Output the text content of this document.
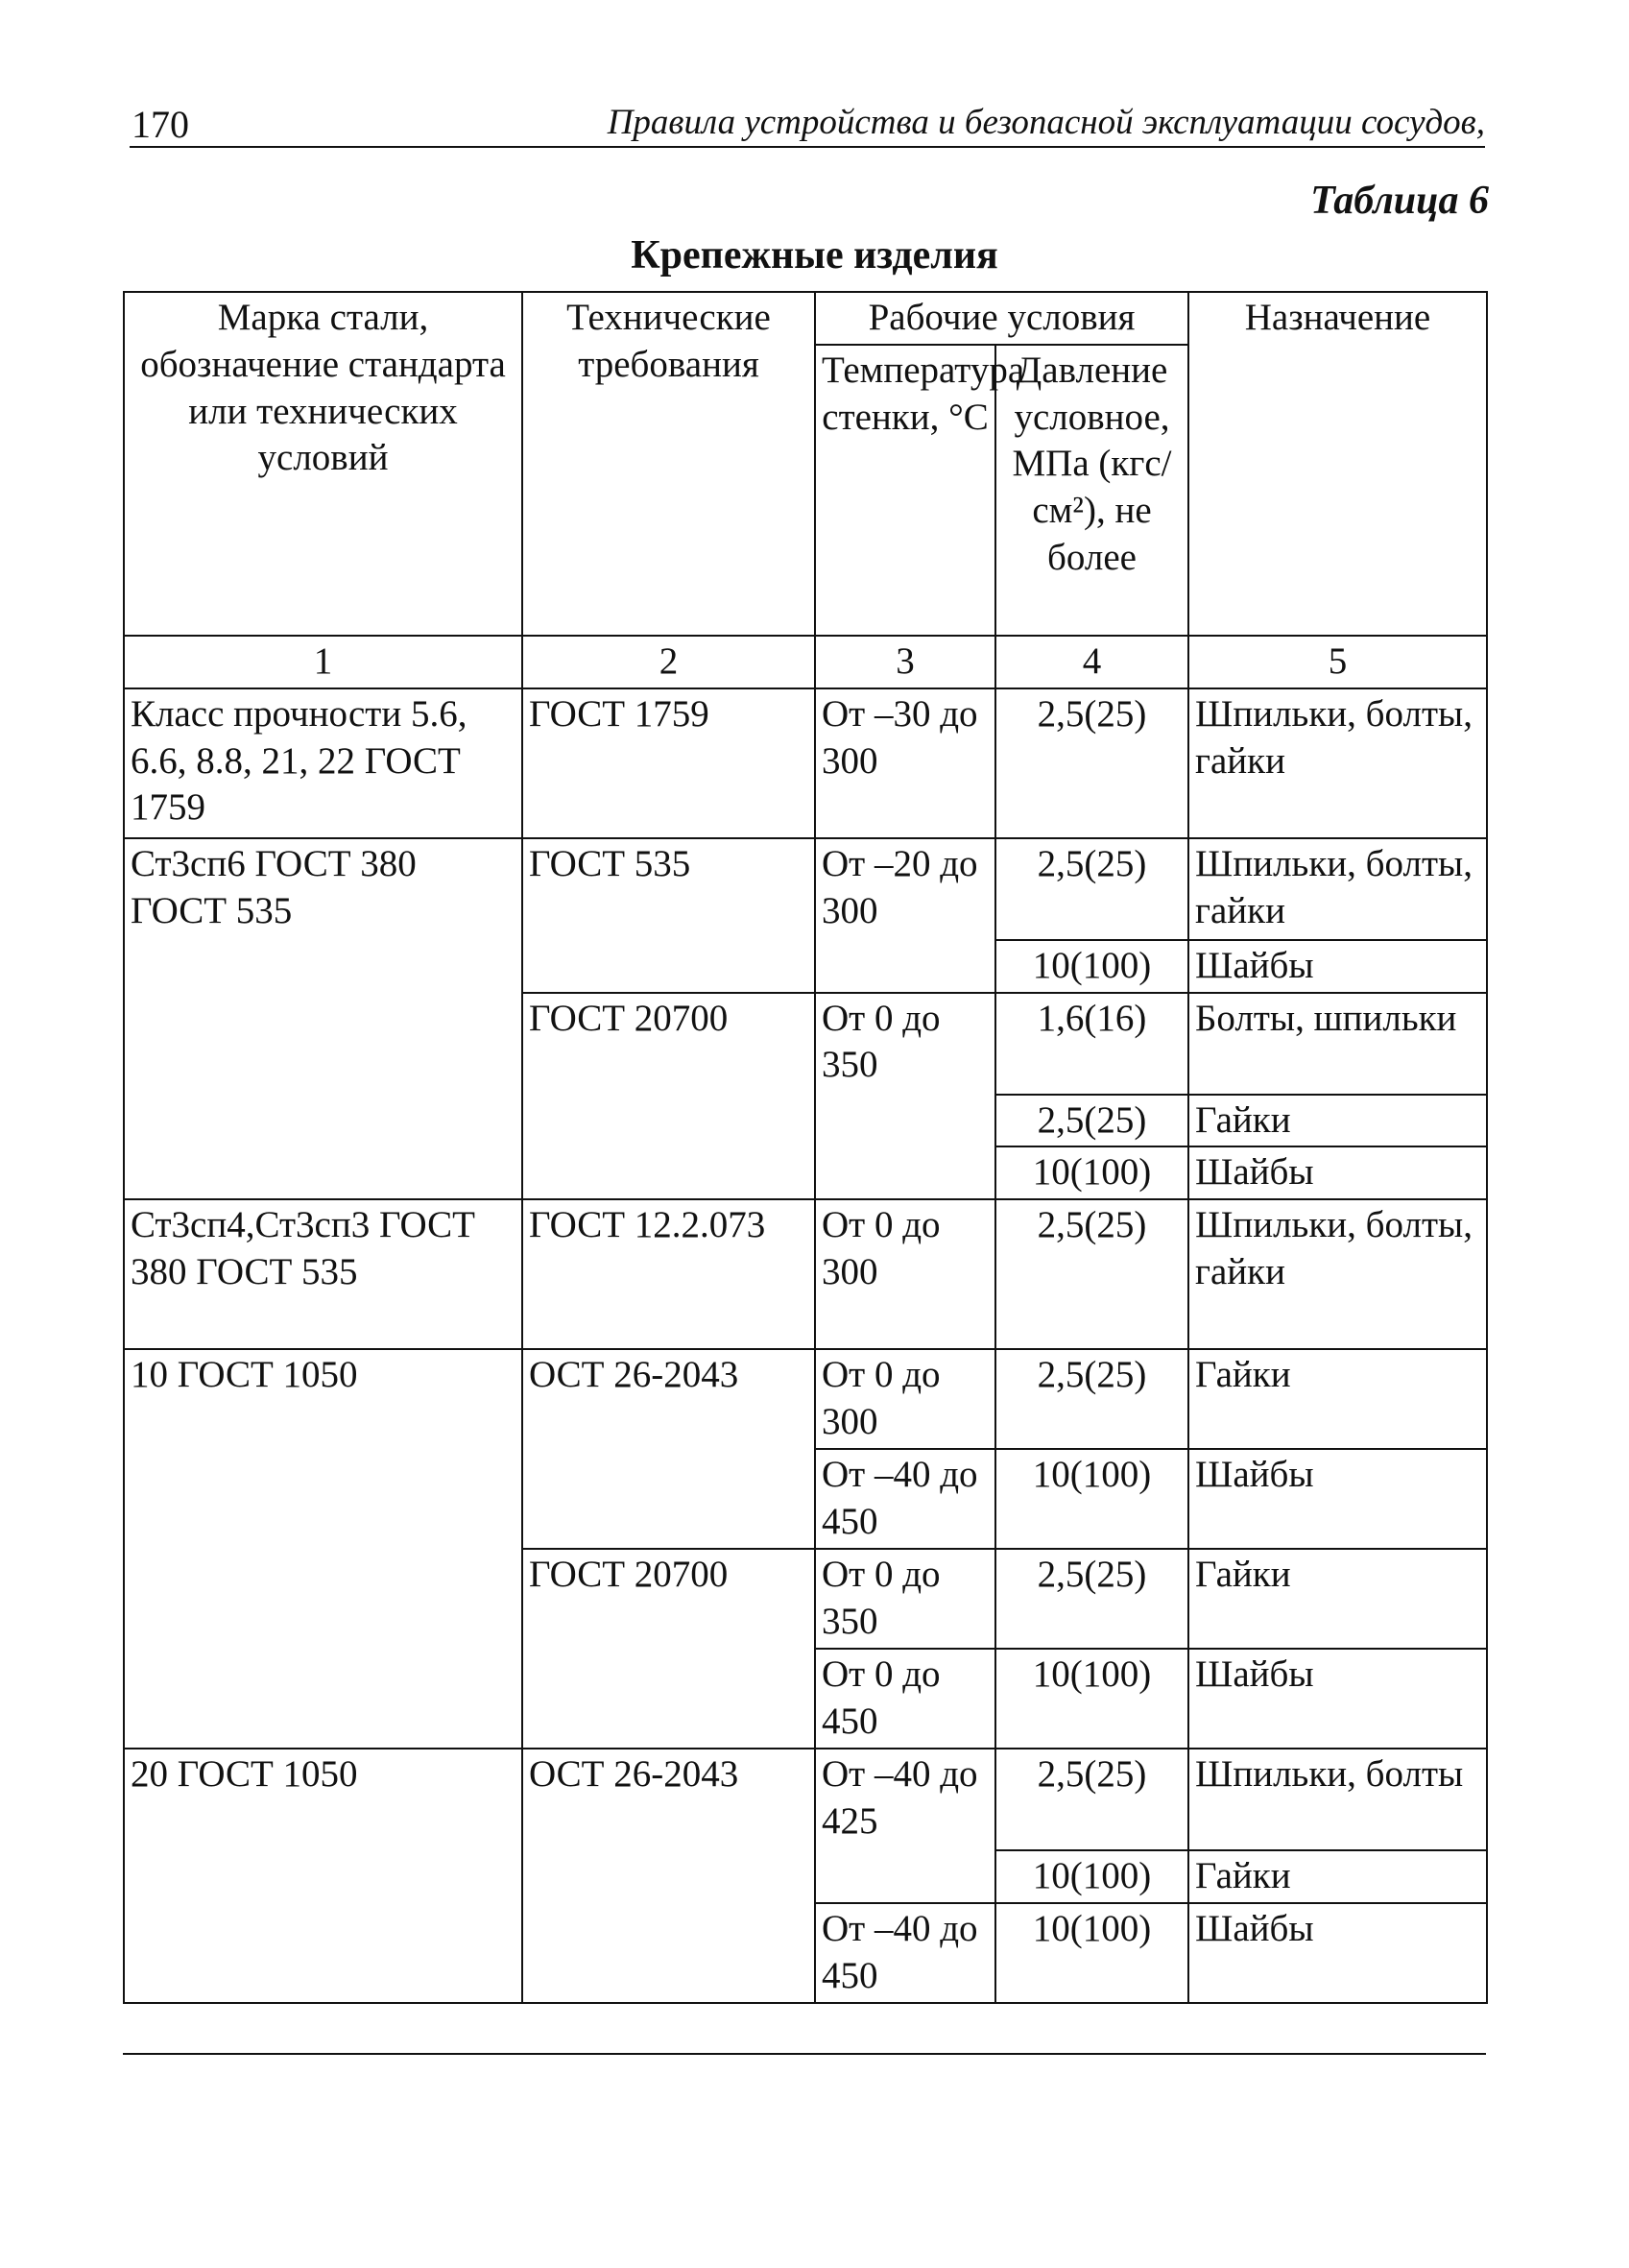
170	Правила устройства и безопасной эксплуатации сосудов,
Таблица 6
Крепежные изделия
Марка стали, обозначение стандарта или технических условий	Технические требования	Рабочие условия		Назначение
		Температура стенки, °С	Давление условное, МПа (кгс/см²), не более	
1	2	3	4	5
Класс прочности 5.6, 6.6, 8.8, 21, 22 ГОСТ 1759	ГОСТ 1759	От –30 до 300	2,5(25)	Шпильки, болты, гайки
Ст3сп6 ГОСТ 380 ГОСТ 535	ГОСТ 535	От –20 до 300	2,5(25)	Шпильки, болты, гайки
			10(100)	Шайбы
	ГОСТ 20700	От 0 до 350	1,6(16)	Болты, шпильки
			2,5(25)	Гайки
			10(100)	Шайбы
Ст3сп4,Ст3сп3 ГОСТ 380 ГОСТ 535	ГОСТ 12.2.073	От 0 до 300	2,5(25)	Шпильки, болты, гайки
10 ГОСТ 1050	ОСТ 26-2043	От 0 до 300	2,5(25)	Гайки
		От –40 до 450	10(100)	Шайбы
	ГОСТ 20700	От 0 до 350	2,5(25)	Гайки
		От 0 до 450	10(100)	Шайбы
20 ГОСТ 1050	ОСТ 26-2043	От –40 до 425	2,5(25)	Шпильки, болты
			10(100)	Гайки
		От –40 до 450	10(100)	Шайбы
